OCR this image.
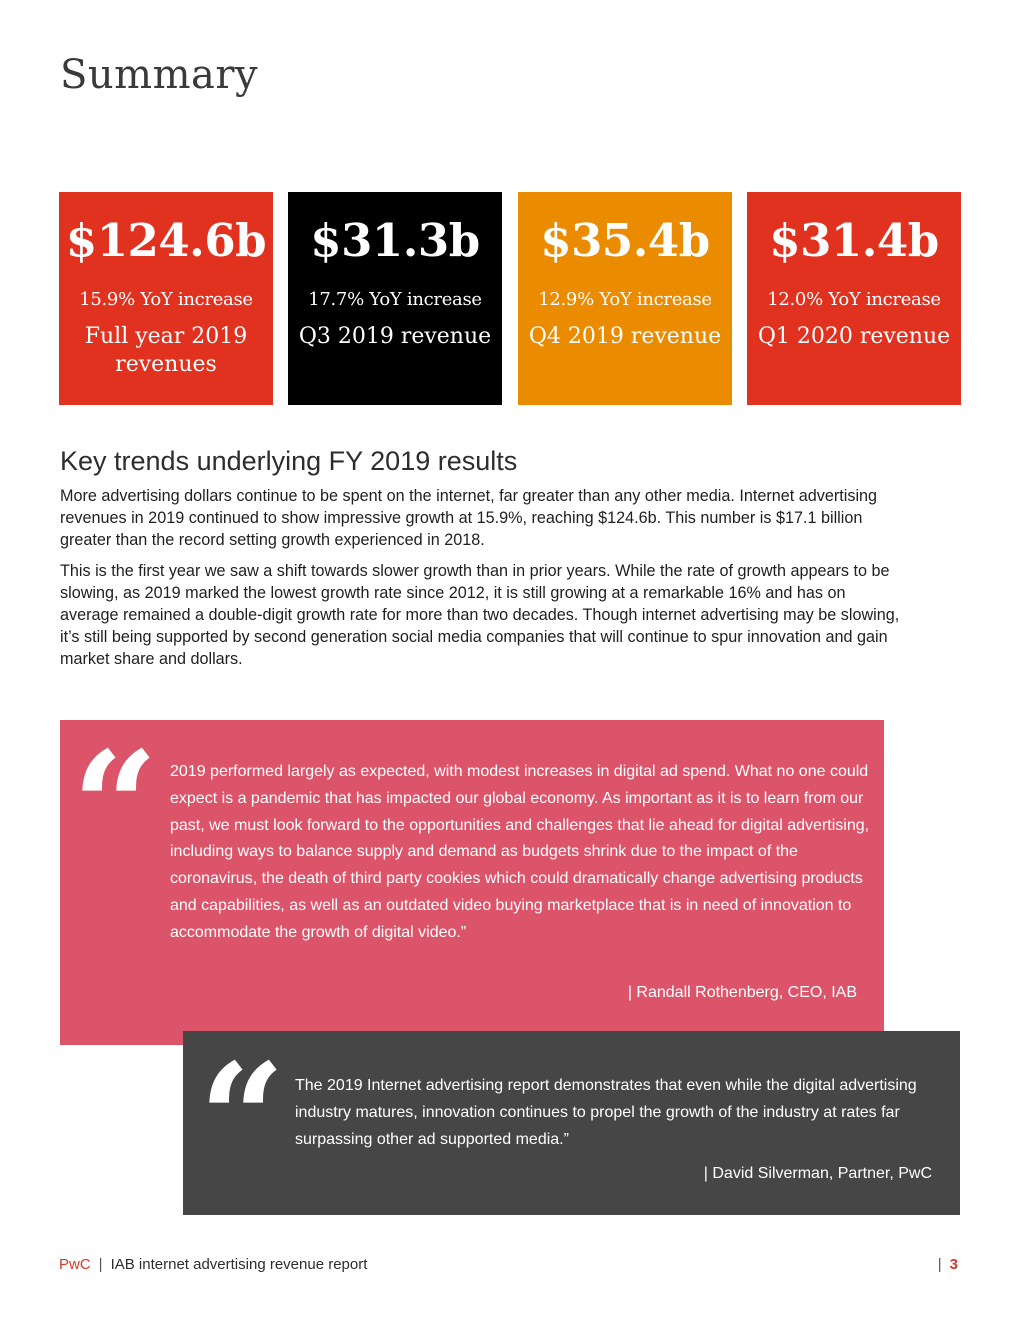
Summary
$124.6b
15.9% YoY increase
Full year 2019 revenues
$31.3b
17.7% YoY increase
Q3 2019 revenue
$35.4b
12.9% YoY increase
Q4 2019 revenue
$31.4b
12.0% YoY increase
Q1 2020 revenue
Key trends underlying FY 2019 results

More advertising dollars continue to be spent on the internet, far greater than any other media. Internet advertising revenues in 2019 continued to show impressive growth at 15.9%, reaching $124.6b. This number is $17.1 billion greater than the record setting growth experienced in 2018.

This is the first year we saw a shift towards slower growth than in prior years. While the rate of growth appears to be slowing, as 2019 marked the lowest growth rate since 2012, it is still growing at a remarkable 16% and has on average remained a double-digit growth rate for more than two decades. Though internet advertising may be slowing, it’s still being supported by second generation social media companies that will continue to spur innovation and gain market share and dollars.

“ 2019 performed largely as expected, with modest increases in digital ad spend. What no one could expect is a pandemic that has impacted our global economy. As important as it is to learn from our past, we must look forward to the opportunities and challenges that lie ahead for digital advertising, including ways to balance supply and demand as budgets shrink due to the impact of the coronavirus, the death of third party cookies which could dramatically change advertising products and capabilities, as well as an outdated video buying marketplace that is in need of innovation to accommodate the growth of digital video.”

| Randall Rothenberg, CEO, IAB

“ The 2019 Internet advertising report demonstrates that even while the digital advertising industry matures, innovation continues to propel the growth of the industry at rates far surpassing other ad supported media.”

| David Silverman, Partner, PwC

PwC | IAB internet advertising revenue report	| 3
